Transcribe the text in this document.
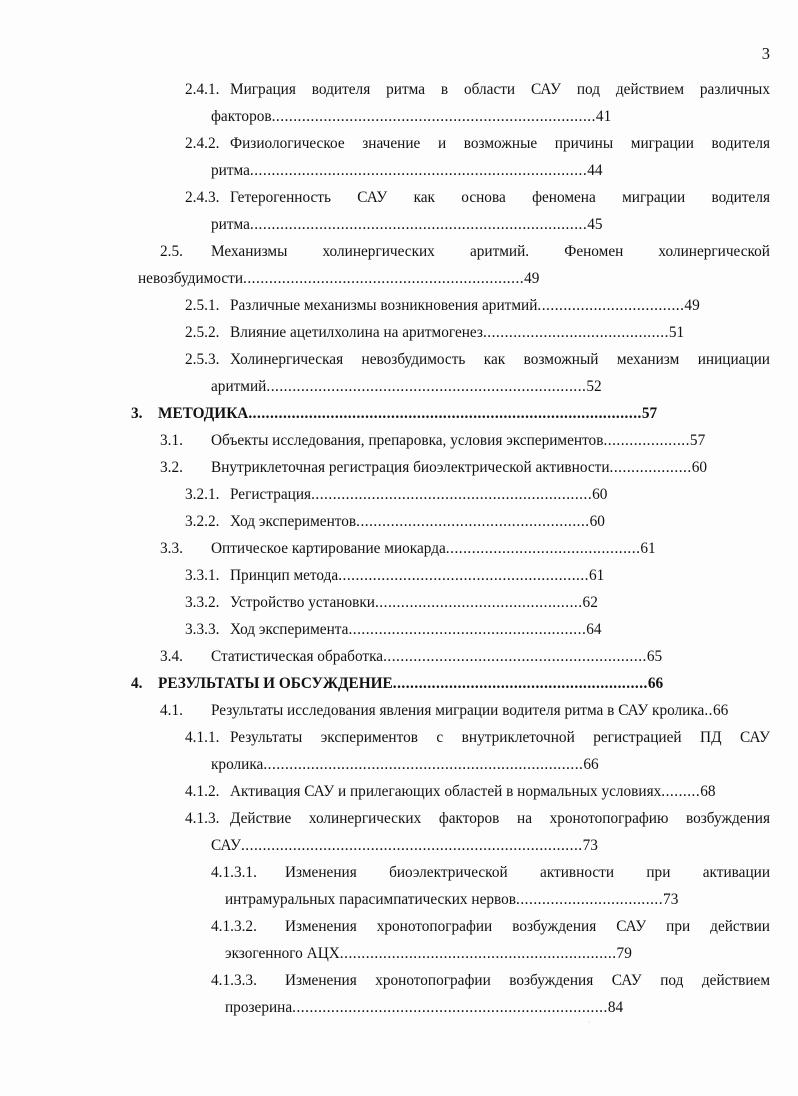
3
2.4.1. Миграция водителя ритма в области САУ под действием различных
факторов...........................................................................41
2.4.2. Физиологическое значение и возможные причины миграции водителя
ритма..............................................................................44
2.4.3. Гетерогенность САУ как основа феномена миграции водителя
ритма..............................................................................45
2.5. Механизмы холинергических аритмий. Феномен холинергической
невозбудимости.................................................................49
2.5.1. Различные механизмы возникновения аритмий..................................49
2.5.2. Влияние ацетилхолина на аритмогенез...........................................51
2.5.3. Холинергическая невозбудимость как возможный механизм инициации
аритмий..........................................................................52
3. МЕТОДИКА...........................................................................................57
3.1. Объекты исследования, препаровка, условия экспериментов....................57
3.2. Внутриклеточная регистрация биоэлектрической активности...................60
3.2.1. Регистрация.................................................................60
3.2.2. Ход экспериментов......................................................60
3.3. Оптическое картирование миокарда.............................................61
3.3.1. Принцип метода..........................................................61
3.3.2. Устройство установки................................................62
3.3.3. Ход эксперимента.......................................................64
3.4. Статистическая обработка.............................................................65
4. РЕЗУЛЬТАТЫ И ОБСУЖДЕНИЕ...........................................................66
4.1. Результаты исследования явления миграции водителя ритма в САУ кролика..66
4.1.1. Результаты экспериментов с внутриклеточной регистрацией ПД САУ
кролика..........................................................................66
4.1.2. Активация САУ и прилегающих областей в нормальных условиях.........68
4.1.3. Действие холинергических факторов на хронотопографию возбуждения
САУ...............................................................................73
4.1.3.1. Изменения биоэлектрической активности при активации
интрамуральных парасимпатических нервов..................................73
4.1.3.2. Изменения хронотопографии возбуждения САУ при действии
экзогенного АЦХ................................................................79
4.1.3.3. Изменения хронотопографии возбуждения САУ под действием
прозерина.........................................................................84
·
